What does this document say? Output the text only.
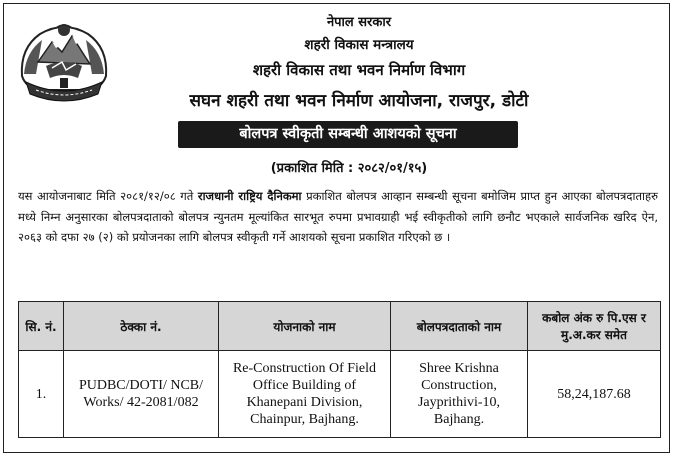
नेपाल सरकार
शहरी विकास मन्त्रालय
शहरी विकास तथा भवन निर्माण विभाग
सघन शहरी तथा भवन निर्माण आयोजना, राजपुर, डोटी
बोलपत्र स्वीकृती सम्बन्धी आशयको सूचना
(प्रकाशित मिति : २०८२/०१/१५)
यस आयोजनाबाट मिति २०८१/१२/०८ गते राजधानी राष्ट्रिय दैनिकमा प्रकाशित बोलपत्र आव्हान सम्बन्धी सूचना बमोजिम प्राप्त हुन आएका बोलपत्रदाताहरु मध्ये निम्न अनुसारका बोलपत्रदाताको बोलपत्र न्युनतम मूल्यांकित सारभूत रुपमा प्रभावग्राही भई स्वीकृतीको लागि छनौट भएकाले सार्वजनिक खरिद ऐन, २०६३ को दफा २७ (२) को प्रयोजनका लागि बोलपत्र स्वीकृती गर्ने आशयको सूचना प्रकाशित गरिएको छ ।
सि. नं.	ठेक्का नं.	योजनाको नाम	बोलपत्रदाताको नाम	कबोल अंक रु पि.एस र मु.अ.कर समेत
1.	PUDBC/DOTI/ NCB/ Works/ 42-2081/082	Re-Construction Of Field Office Building of Khanepani Division, Chainpur, Bajhang.	Shree Krishna Construction, Jayprithivi-10, Bajhang.	58,24,187.68
